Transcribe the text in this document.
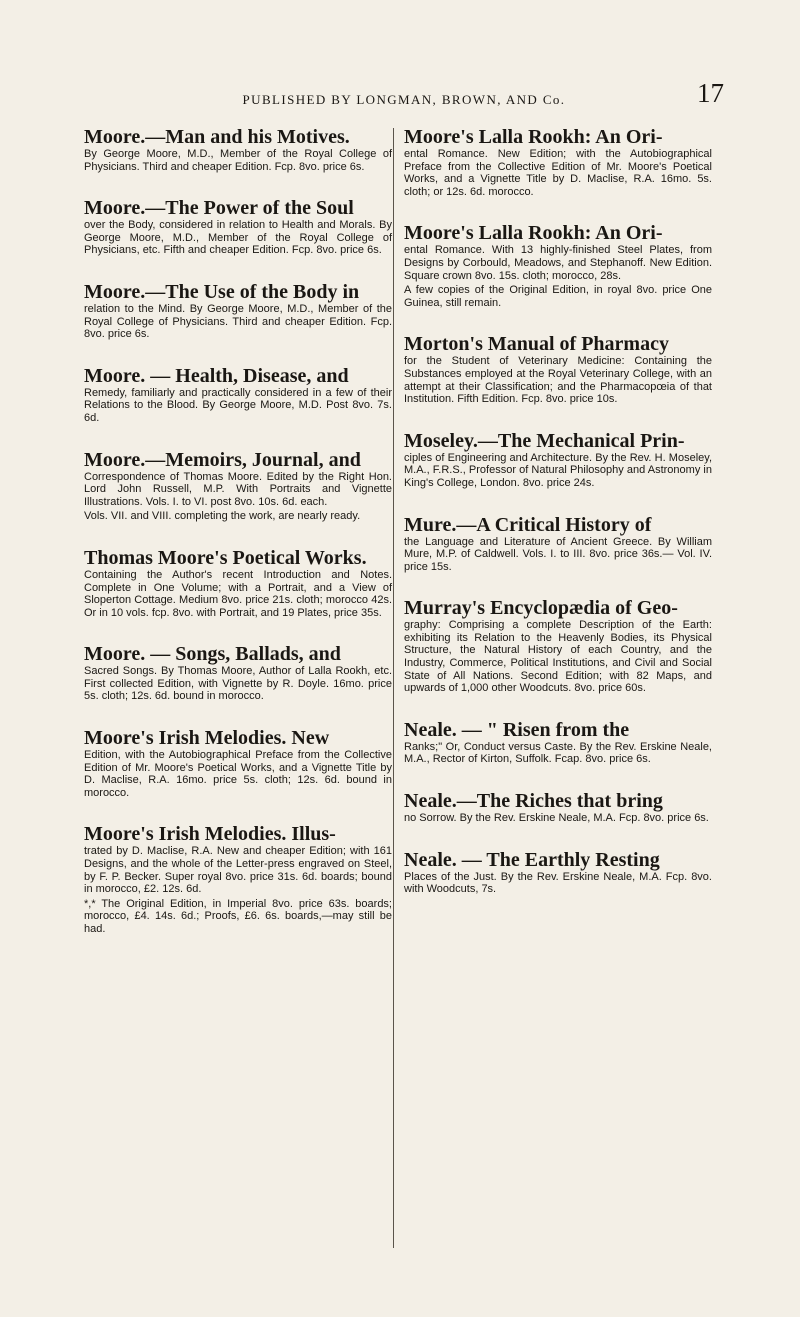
PUBLISHED BY LONGMAN, BROWN, AND Co.	17
Moore.—Man and his Motives.
By George Moore, M.D., Member of the Royal College of Physicians. Third and cheaper Edition. Fcp. 8vo. price 6s.
Moore.—The Power of the Soul
over the Body, considered in relation to Health and Morals. By George Moore, M.D., Member of the Royal College of Physicians, etc. Fifth and cheaper Edition. Fcp. 8vo. price 6s.
Moore.—The Use of the Body in
relation to the Mind. By George Moore, M.D., Member of the Royal College of Physicians. Third and cheaper Edition. Fcp. 8vo. price 6s.
Moore. — Health, Disease, and
Remedy, familiarly and practically considered in a few of their Relations to the Blood. By George Moore, M.D. Post 8vo. 7s. 6d.
Moore.—Memoirs, Journal, and
Correspondence of Thomas Moore. Edited by the Right Hon. Lord John Russell, M.P. With Portraits and Vignette Illustrations. Vols. I. to VI. post 8vo. 10s. 6d. each.
Vols. VII. and VIII. completing the work, are nearly ready.
Thomas Moore's Poetical Works.
Containing the Author's recent Introduction and Notes. Complete in One Volume; with a Portrait, and a View of Sloperton Cottage. Medium 8vo. price 21s. cloth; morocco 42s. Or in 10 vols. fcp. 8vo. with Portrait, and 19 Plates, price 35s.
Moore. — Songs, Ballads, and
Sacred Songs. By Thomas Moore, Author of Lalla Rookh, etc. First collected Edition, with Vignette by R. Doyle. 16mo. price 5s. cloth; 12s. 6d. bound in morocco.
Moore's Irish Melodies. New
Edition, with the Autobiographical Preface from the Collective Edition of Mr. Moore's Poetical Works, and a Vignette Title by D. Maclise, R.A. 16mo. price 5s. cloth; 12s. 6d. bound in morocco.
Moore's Irish Melodies. Illus-
trated by D. Maclise, R.A. New and cheaper Edition; with 161 Designs, and the whole of the Letter-press engraved on Steel, by F. P. Becker. Super royal 8vo. price 31s. 6d. boards; bound in morocco, £2. 12s. 6d.
*,* The Original Edition, in Imperial 8vo. price 63s. boards; morocco, £4. 14s. 6d.; Proofs, £6. 6s. boards,—may still be had.
Moore's Lalla Rookh: An Ori-
ental Romance. New Edition; with the Autobiographical Preface from the Collective Edition of Mr. Moore's Poetical Works, and a Vignette Title by D. Maclise, R.A. 16mo. 5s. cloth; or 12s. 6d. morocco.
Moore's Lalla Rookh: An Ori-
ental Romance. With 13 highly-finished Steel Plates, from Designs by Corbould, Meadows, and Stephanoff. New Edition. Square crown 8vo. 15s. cloth; morocco, 28s.
A few copies of the Original Edition, in royal 8vo. price One Guinea, still remain.
Morton's Manual of Pharmacy
for the Student of Veterinary Medicine: Containing the Substances employed at the Royal Veterinary College, with an attempt at their Classification; and the Pharmacopœia of that Institution. Fifth Edition. Fcp. 8vo. price 10s.
Moseley.—The Mechanical Prin-
ciples of Engineering and Architecture. By the Rev. H. Moseley, M.A., F.R.S., Professor of Natural Philosophy and Astronomy in King's College, London. 8vo. price 24s.
Mure.—A Critical History of
the Language and Literature of Ancient Greece. By William Mure, M.P. of Caldwell. Vols. I. to III. 8vo. price 36s.— Vol. IV. price 15s.
Murray's Encyclopædia of Geo-
graphy: Comprising a complete Description of the Earth: exhibiting its Relation to the Heavenly Bodies, its Physical Structure, the Natural History of each Country, and the Industry, Commerce, Political Institutions, and Civil and Social State of All Nations. Second Edition; with 82 Maps, and upwards of 1,000 other Woodcuts. 8vo. price 60s.
Neale. — " Risen from the
Ranks;" Or, Conduct versus Caste. By the Rev. Erskine Neale, M.A., Rector of Kirton, Suffolk. Fcap. 8vo. price 6s.
Neale.—The Riches that bring
no Sorrow. By the Rev. Erskine Neale, M.A. Fcp. 8vo. price 6s.
Neale. — The Earthly Resting
Places of the Just. By the Rev. Erskine Neale, M.A. Fcp. 8vo. with Woodcuts, 7s.
